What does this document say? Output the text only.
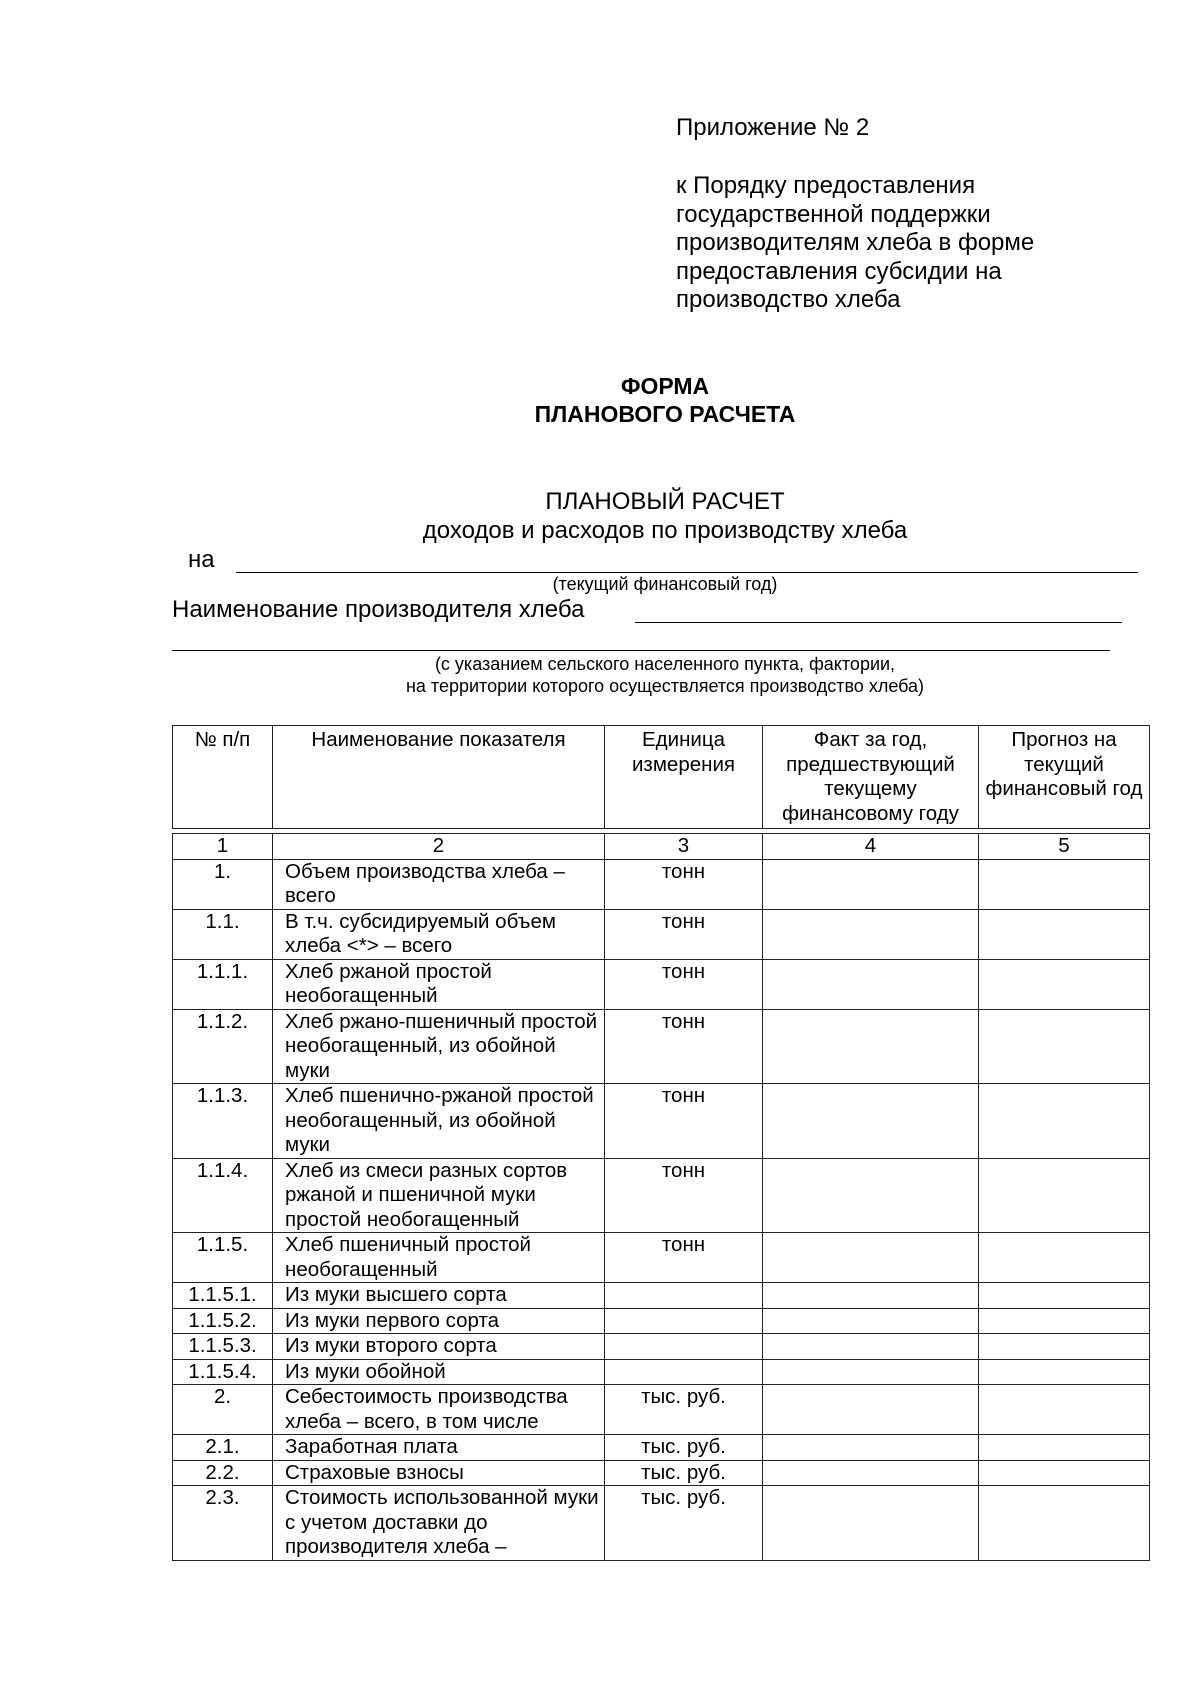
Приложение № 2
к Порядку предоставления
государственной поддержки
производителям хлеба в форме
предоставления субсидии на
производство хлеба
ФОРМА
ПЛАНОВОГО РАСЧЕТА
ПЛАНОВЫЙ РАСЧЕТ
доходов и расходов по производству хлеба
на
(текущий финансовый год)
Наименование производителя хлеба
(с указанием сельского населенного пункта, фактории,
на территории которого осуществляется производство хлеба)
№ п/п	Наименование показателя	Единица измерения	Факт за год, предшествующий текущему финансовому году	Прогноз на текущий финансовый год

1	2	3	4	5
1.	Объем производства хлеба – всего	тонн		
1.1.	В т.ч. субсидируемый объем хлеба <*> – всего	тонн		
1.1.1.	Хлеб ржаной простой необогащенный	тонн		
1.1.2.	Хлеб ржано-пшеничный простой необогащенный, из обойной муки	тонн		
1.1.3.	Хлеб пшенично-ржаной простой необогащенный, из обойной муки	тонн		
1.1.4.	Хлеб из смеси разных сортов ржаной и пшеничной муки простой необогащенный	тонн		
1.1.5.	Хлеб пшеничный простой необогащенный	тонн		
1.1.5.1.	Из муки высшего сорта			
1.1.5.2.	Из муки первого сорта			
1.1.5.3.	Из муки второго сорта			
1.1.5.4.	Из муки обойной			
2.	Себестоимость производства хлеба – всего, в том числе	тыс. руб.		
2.1.	Заработная плата	тыс. руб.		
2.2.	Страховые взносы	тыс. руб.		
2.3.	Стоимость использованной муки с учетом доставки до производителя хлеба –	тыс. руб.		
